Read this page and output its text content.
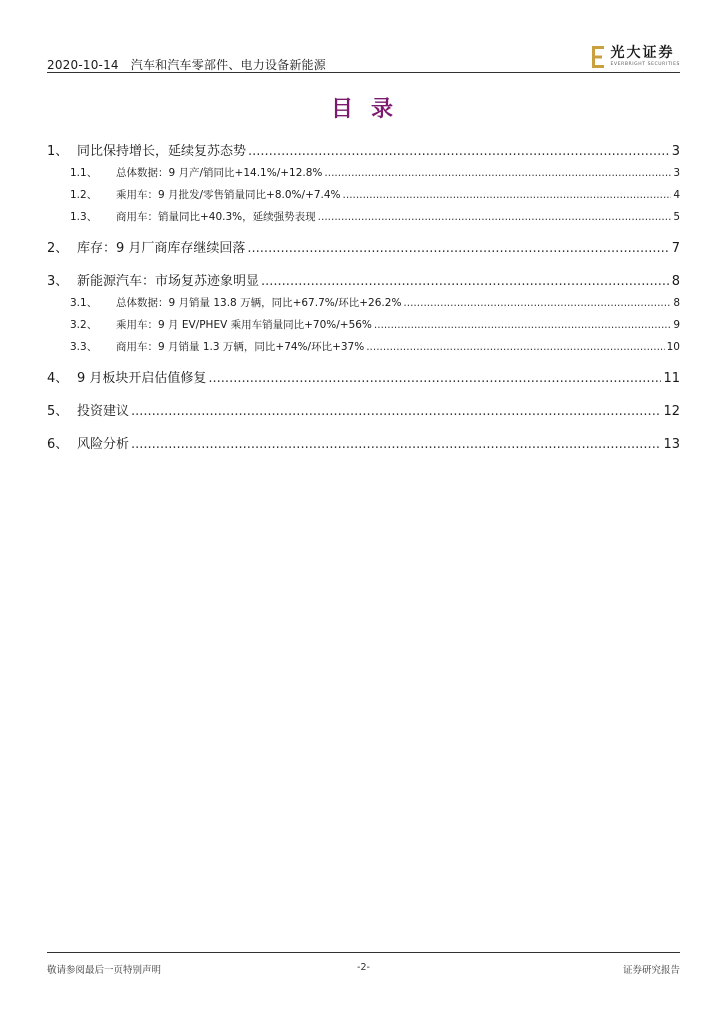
2020-10-14 汽车和汽车零部件、电力设备新能源
光大证券
EVERBRIGHT SECURITIES
目录
1、 同比保持增长，延续复苏态势 .....	3
1.1、	总体数据：9 月产/销同比+14.1%/+12.8% .....	3
1.2、	乘用车：9 月批发/零售销量同比+8.0%/+7.4% .....	4
1.3、	商用车：销量同比+40.3%，延续强势表现 .....	5
2、 库存：9 月厂商库存继续回落 .....	7
3、 新能源汽车：市场复苏迹象明显 .....	8
3.1、	总体数据：9 月销量 13.8 万辆，同比+67.7%/环比+26.2% .....	8
3.2、	乘用车：9 月 EV/PHEV 乘用车销量同比+70%/+56% .....	9
3.3、	商用车：9 月销量 1.3 万辆，同比+74%/环比+37% .....	10
4、 9 月板块开启估值修复 .....	11
5、 投资建议 .....	12
6、 风险分析 .....	13
敬请参阅最后一页特别声明	-2-	证券研究报告
